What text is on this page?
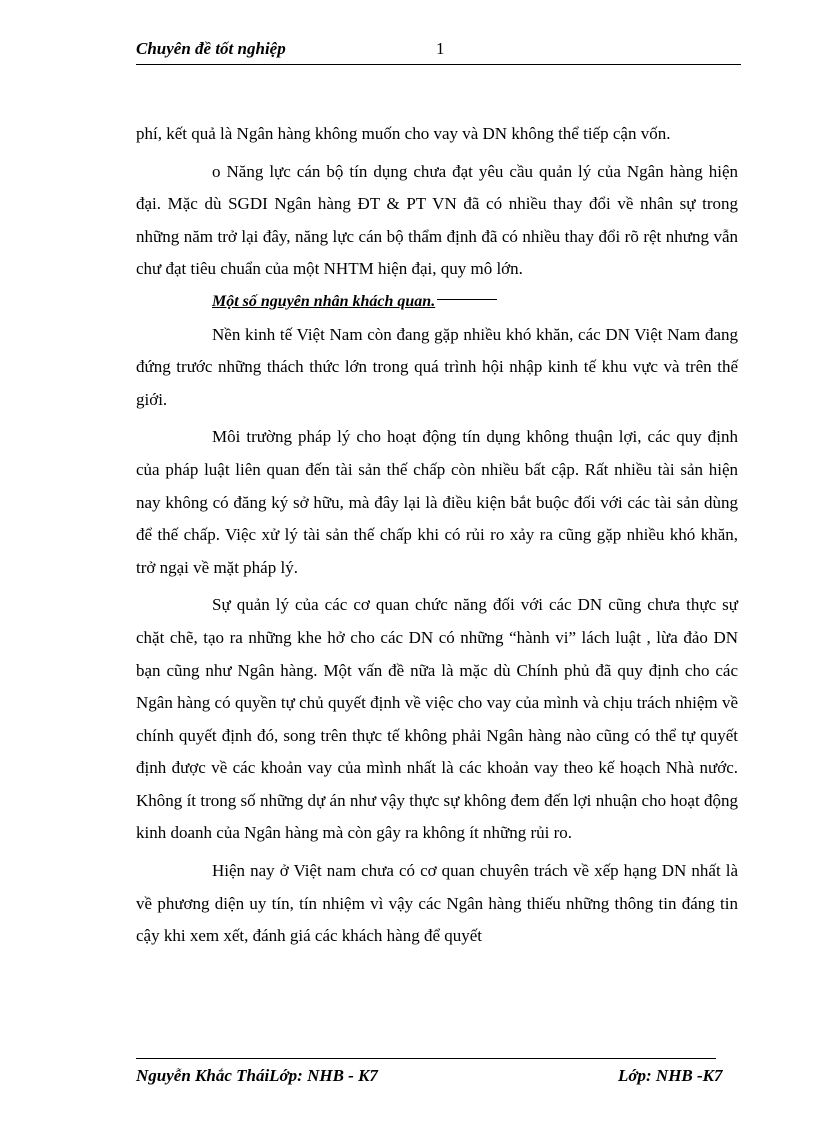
Chuyên đề tốt nghiệp	1

phí, kết quả là Ngân hàng không muốn cho vay và DN không thể tiếp cận vốn.

o Năng lực cán bộ tín dụng chưa đạt yêu cầu quản lý của Ngân hàng hiện đại. Mặc dù SGDI Ngân hàng ĐT & PT VN đã có nhiều thay đổi về nhân sự trong những năm trở lại đây, năng lực cán bộ thẩm định đã có nhiều thay đổi rõ rệt nhưng vẫn chư đạt tiêu chuẩn của một NHTM hiện đại, quy mô lớn.

Một số nguyên nhân khách quan.

Nền kinh tế Việt Nam còn đang gặp nhiều khó khăn, các DN Việt Nam đang đứng trước những thách thức lớn trong quá trình hội nhập kinh tế khu vực và trên thế giới.

Môi trường pháp lý cho hoạt động tín dụng không thuận lợi, các quy định của pháp luật liên quan đến tài sản thế chấp còn nhiều bất cập. Rất nhiều tài sản hiện nay không có đăng ký sở hữu, mà đây lại là điều kiện bắt buộc đối với các tài sản dùng để thế chấp. Việc xử lý tài sản thế chấp khi có rủi ro xảy ra cũng gặp nhiều khó khăn, trở ngại về mặt pháp lý.

Sự quản lý của các cơ quan chức năng đối với các DN cũng chưa thực sự chặt chẽ, tạo ra những khe hở cho các DN có những “hành vi” lách luật , lừa đảo DN bạn cũng như Ngân hàng. Một vấn đề nữa là mặc dù Chính phủ đã quy định cho các Ngân hàng có quyền tự chủ quyết định về việc cho vay của mình và chịu trách nhiệm về chính quyết định đó, song trên thực tế không phải Ngân hàng nào cũng có thể tự quyết định được về các khoản vay của mình nhất là các khoản vay theo kế hoạch Nhà nước. Không ít trong số những dự án như vậy thực sự không đem đến lợi nhuận cho hoạt động kinh doanh của Ngân hàng mà còn gây ra không ít những rủi ro.

Hiện nay ở Việt nam chưa có cơ quan chuyên trách về xếp hạng DN nhất là về phương diện uy tín, tín nhiệm vì vậy các Ngân hàng thiếu những thông tin đáng tin cậy khi xem xết, đánh giá các khách hàng để quyết

Nguyễn Khắc TháiLớp: NHB - K7	Lớp: NHB -K7
